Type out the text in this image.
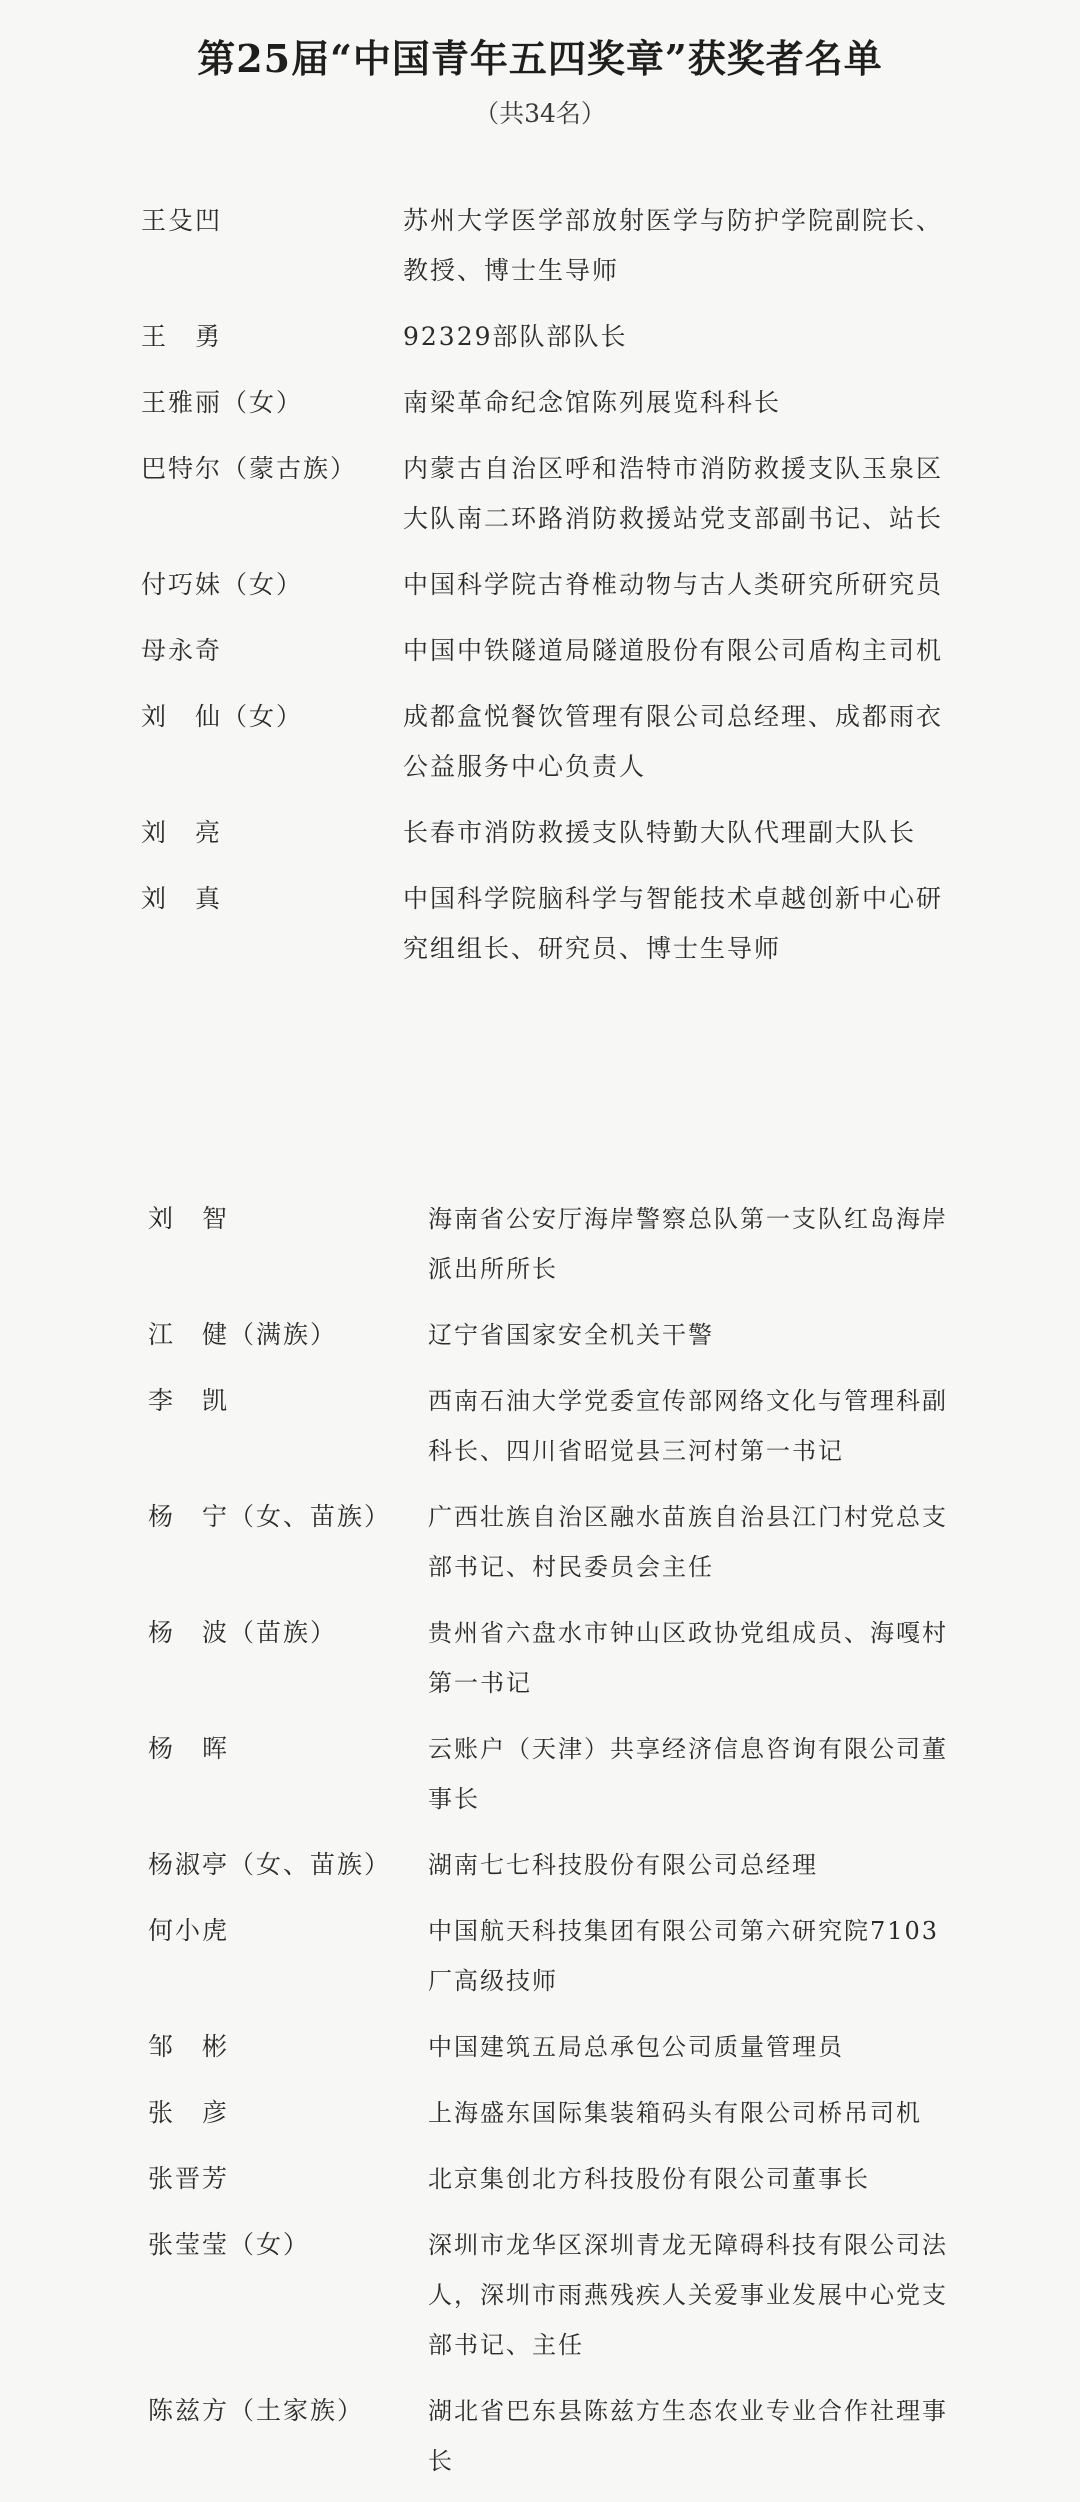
第25届“中国青年五四奖章”获奖者名单
（共34名）
王殳凹	苏州大学医学部放射医学与防护学院副院长、教授、博士生导师
王　勇	92329部队部队长
王雅丽（女）	南梁革命纪念馆陈列展览科科长
巴特尔（蒙古族）	内蒙古自治区呼和浩特市消防救援支队玉泉区大队南二环路消防救援站党支部副书记、站长
付巧妹（女）	中国科学院古脊椎动物与古人类研究所研究员
母永奇	中国中铁隧道局隧道股份有限公司盾构主司机
刘　仙（女）	成都盒悦餐饮管理有限公司总经理、成都雨衣公益服务中心负责人
刘　亮	长春市消防救援支队特勤大队代理副大队长
刘　真	中国科学院脑科学与智能技术卓越创新中心研究组组长、研究员、博士生导师
刘　智	海南省公安厅海岸警察总队第一支队红岛海岸派出所所长
江　健（满族）	辽宁省国家安全机关干警
李　凯	西南石油大学党委宣传部网络文化与管理科副科长、四川省昭觉县三河村第一书记
杨　宁（女、苗族）	广西壮族自治区融水苗族自治县江门村党总支部书记、村民委员会主任
杨　波（苗族）	贵州省六盘水市钟山区政协党组成员、海嘎村第一书记
杨　晖	云账户（天津）共享经济信息咨询有限公司董事长
杨淑亭（女、苗族）	湖南七七科技股份有限公司总经理
何小虎	中国航天科技集团有限公司第六研究院7103厂高级技师
邹　彬	中国建筑五局总承包公司质量管理员
张　彦	上海盛东国际集装箱码头有限公司桥吊司机
张晋芳	北京集创北方科技股份有限公司董事长
张莹莹（女）	深圳市龙华区深圳青龙无障碍科技有限公司法人，深圳市雨燕残疾人关爱事业发展中心党支部书记、主任
陈兹方（土家族）	湖北省巴东县陈兹方生态农业专业合作社理事长
